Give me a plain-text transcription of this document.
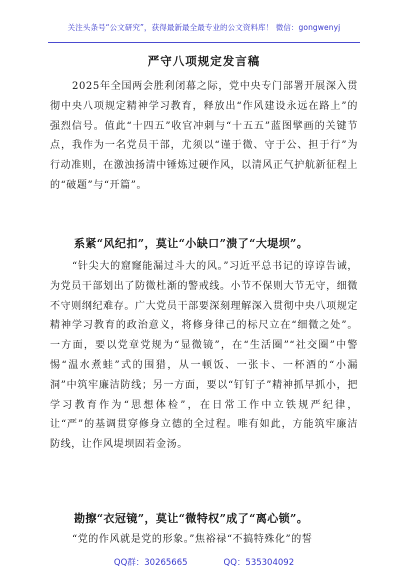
关注头条号“公文研究”，获得最新最全最专业的公文资料库！ 微信：gongwenyj
严守八项规定发言稿

2025年全国两会胜利闭幕之际，党中央专门部署开展深入贯彻中央八项规定精神学习教育，释放出“作风建设永远在路上”的强烈信号。值此“十四五”收官冲刺与“十五五”蓝图擘画的关键节点，我作为一名党员干部，尤须以“谨于微、守于公、担于行”为行动准则，在激浊扬清中锤炼过硬作风，以清风正气护航新征程上的“破题”与“开篇”。

系紧“风纪扣”，莫让“小缺口”溃了“大堤坝”。

“针尖大的窟窿能漏过斗大的风。”习近平总书记的谆谆告诫，为党员干部划出了防微杜渐的警戒线。小节不保则大节无守，细微不守则纲纪难存。广大党员干部要深刻理解深入贯彻中央八项规定精神学习教育的政治意义，将修身律己的标尺立在“细微之处”。一方面，要以党章党规为“显微镜”，在“生活圈”“社交圈”中警惕“温水煮蛙”式的围猎，从一顿饭、一张卡、一杯酒的“小漏洞”中筑牢廉洁防线；另一方面，要以“钉钉子”精神抓早抓小，把学习教育作为“思想体检”，在日常工作中立铁规严纪律，让“严”的基调贯穿修身立德的全过程。唯有如此，方能筑牢廉洁防线，让作风堤坝固若金汤。

勘擦“衣冠镜”，莫让“微特权”成了“离心锁”。

“党的作风就是党的形象。”焦裕禄“不搞特殊化”的誓

QQ群：30265665	QQ：535304092
